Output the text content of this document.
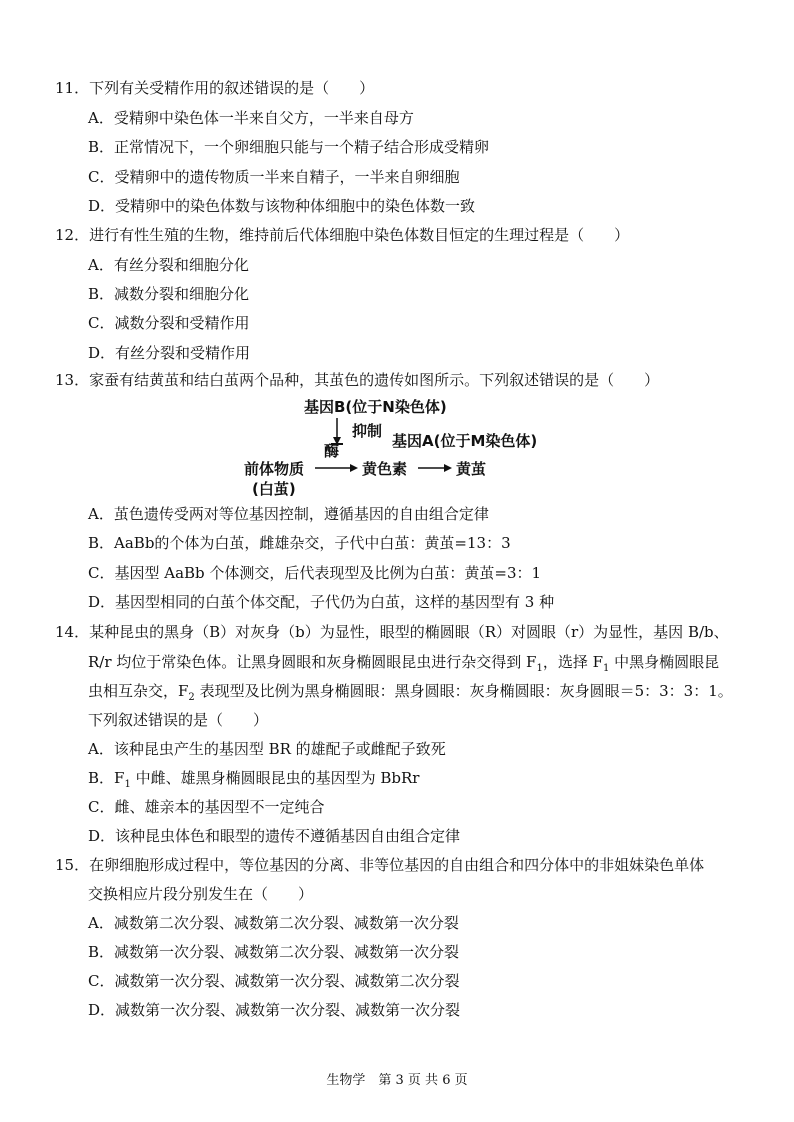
11．下列有关受精作用的叙述错误的是（　　）
A．受精卵中染色体一半来自父方，一半来自母方
B．正常情况下，一个卵细胞只能与一个精子结合形成受精卵
C．受精卵中的遗传物质一半来自精子，一半来自卵细胞
D．受精卵中的染色体数与该物种体细胞中的染色体数一致
12．进行有性生殖的生物，维持前后代体细胞中染色体数目恒定的生理过程是（　　）
A．有丝分裂和细胞分化
B．减数分裂和细胞分化
C．减数分裂和受精作用
D．有丝分裂和受精作用
13．家蚕有结黄茧和结白茧两个品种，其茧色的遗传如图所示。下列叙述错误的是（　　）
基因B(位于N染色体)
抑制
基因A(位于M染色体)
酶
前体物质
(白茧)
黄色素	黄茧
A．茧色遗传受两对等位基因控制，遵循基因的自由组合定律
B．AaBb的个体为白茧，雌雄杂交，子代中白茧：黄茧=13：3
C．基因型 AaBb 个体测交，后代表现型及比例为白茧：黄茧=3：1
D．基因型相同的白茧个体交配，子代仍为白茧，这样的基因型有 3 种
14．某种昆虫的黑身（B）对灰身（b）为显性，眼型的椭圆眼（R）对圆眼（r）为显性，基因 B/b、
R/r 均位于常染色体。让黑身圆眼和灰身椭圆眼昆虫进行杂交得到 $F_1$，选择 $F_1$ 中黑身椭圆眼昆
虫相互杂交，$F_2$ 表现型及比例为黑身椭圆眼：黑身圆眼：灰身椭圆眼：灰身圆眼＝5：3：3：1。
下列叙述错误的是（　　）
A．该种昆虫产生的基因型 BR 的雄配子或雌配子致死
B．$F_1$ 中雌、雄黑身椭圆眼昆虫的基因型为 BbRr
C．雌、雄亲本的基因型不一定纯合
D．该种昆虫体色和眼型的遗传不遵循基因自由组合定律
15．在卵细胞形成过程中，等位基因的分离、非等位基因的自由组合和四分体中的非姐妹染色单体
交换相应片段分别发生在（　　）
A．减数第二次分裂、减数第二次分裂、减数第一次分裂
B．减数第一次分裂、减数第二次分裂、减数第一次分裂
C．减数第一次分裂、减数第一次分裂、减数第二次分裂
D．减数第一次分裂、减数第一次分裂、减数第一次分裂
生物学　第 3 页 共 6 页
